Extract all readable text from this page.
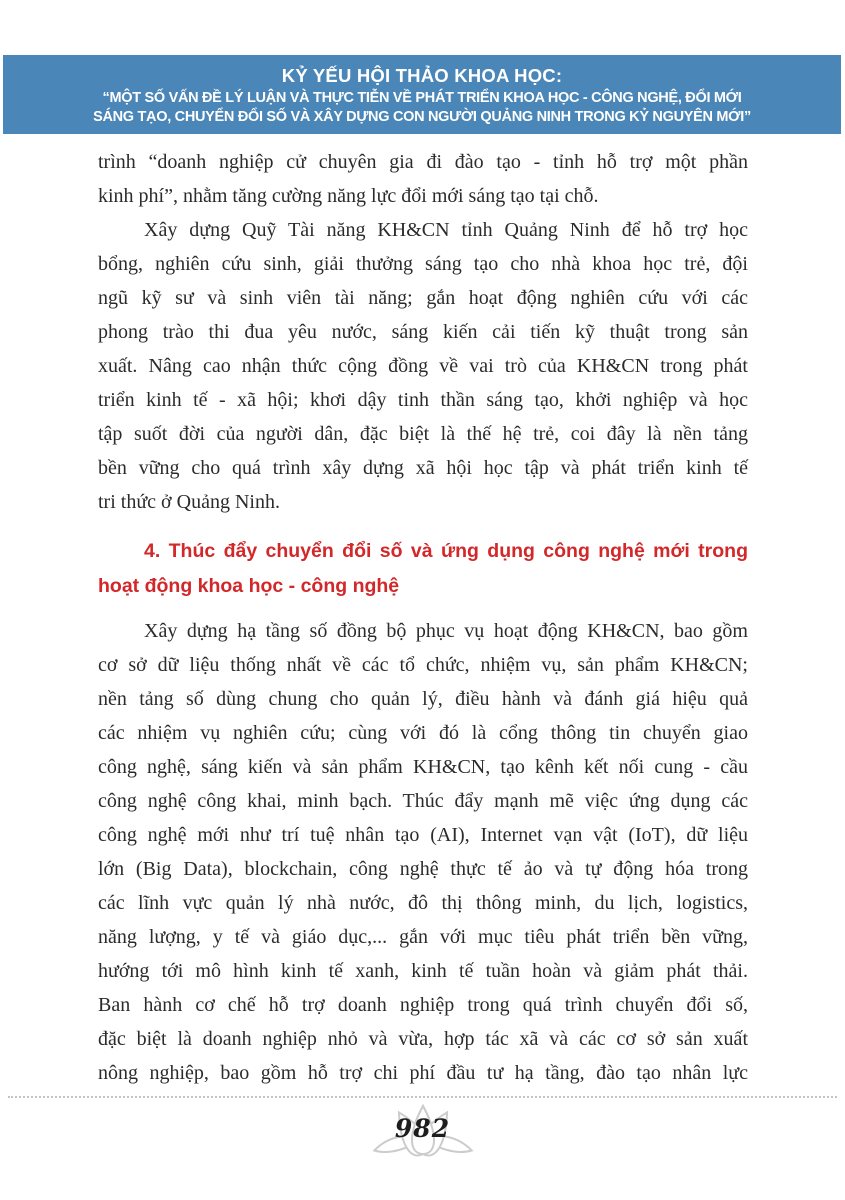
KỶ YẾU HỘI THẢO KHOA HỌC:
“MỘT SỐ VẤN ĐỀ LÝ LUẬN VÀ THỰC TIỄN VỀ PHÁT TRIỂN KHOA HỌC - CÔNG NGHỆ, ĐỔI MỚI
SÁNG TẠO, CHUYỂN ĐỔI SỐ VÀ XÂY DỰNG CON NGƯỜI QUẢNG NINH TRONG KỶ NGUYÊN MỚI”
trình “doanh nghiệp cử chuyên gia đi đào tạo - tỉnh hỗ trợ một phần
kinh phí”, nhằm tăng cường năng lực đổi mới sáng tạo tại chỗ.
Xây dựng Quỹ Tài năng KH&CN tỉnh Quảng Ninh để hỗ trợ học
bổng, nghiên cứu sinh, giải thưởng sáng tạo cho nhà khoa học trẻ, đội
ngũ kỹ sư và sinh viên tài năng; gắn hoạt động nghiên cứu với các
phong trào thi đua yêu nước, sáng kiến cải tiến kỹ thuật trong sản
xuất. Nâng cao nhận thức cộng đồng về vai trò của KH&CN trong phát
triển kinh tế - xã hội; khơi dậy tinh thần sáng tạo, khởi nghiệp và học
tập suốt đời của người dân, đặc biệt là thế hệ trẻ, coi đây là nền tảng
bền vững cho quá trình xây dựng xã hội học tập và phát triển kinh tế
tri thức ở Quảng Ninh.
4. Thúc đẩy chuyển đổi số và ứng dụng công nghệ mới trong
hoạt động khoa học - công nghệ
Xây dựng hạ tầng số đồng bộ phục vụ hoạt động KH&CN, bao gồm
cơ sở dữ liệu thống nhất về các tổ chức, nhiệm vụ, sản phẩm KH&CN;
nền tảng số dùng chung cho quản lý, điều hành và đánh giá hiệu quả
các nhiệm vụ nghiên cứu; cùng với đó là cổng thông tin chuyển giao
công nghệ, sáng kiến và sản phẩm KH&CN, tạo kênh kết nối cung - cầu
công nghệ công khai, minh bạch. Thúc đẩy mạnh mẽ việc ứng dụng các
công nghệ mới như trí tuệ nhân tạo (AI), Internet vạn vật (IoT), dữ liệu
lớn (Big Data), blockchain, công nghệ thực tế ảo và tự động hóa trong
các lĩnh vực quản lý nhà nước, đô thị thông minh, du lịch, logistics,
năng lượng, y tế và giáo dục,... gắn với mục tiêu phát triển bền vững,
hướng tới mô hình kinh tế xanh, kinh tế tuần hoàn và giảm phát thải.
Ban hành cơ chế hỗ trợ doanh nghiệp trong quá trình chuyển đổi số,
đặc biệt là doanh nghiệp nhỏ và vừa, hợp tác xã và các cơ sở sản xuất
nông nghiệp, bao gồm hỗ trợ chi phí đầu tư hạ tầng, đào tạo nhân lực
982
